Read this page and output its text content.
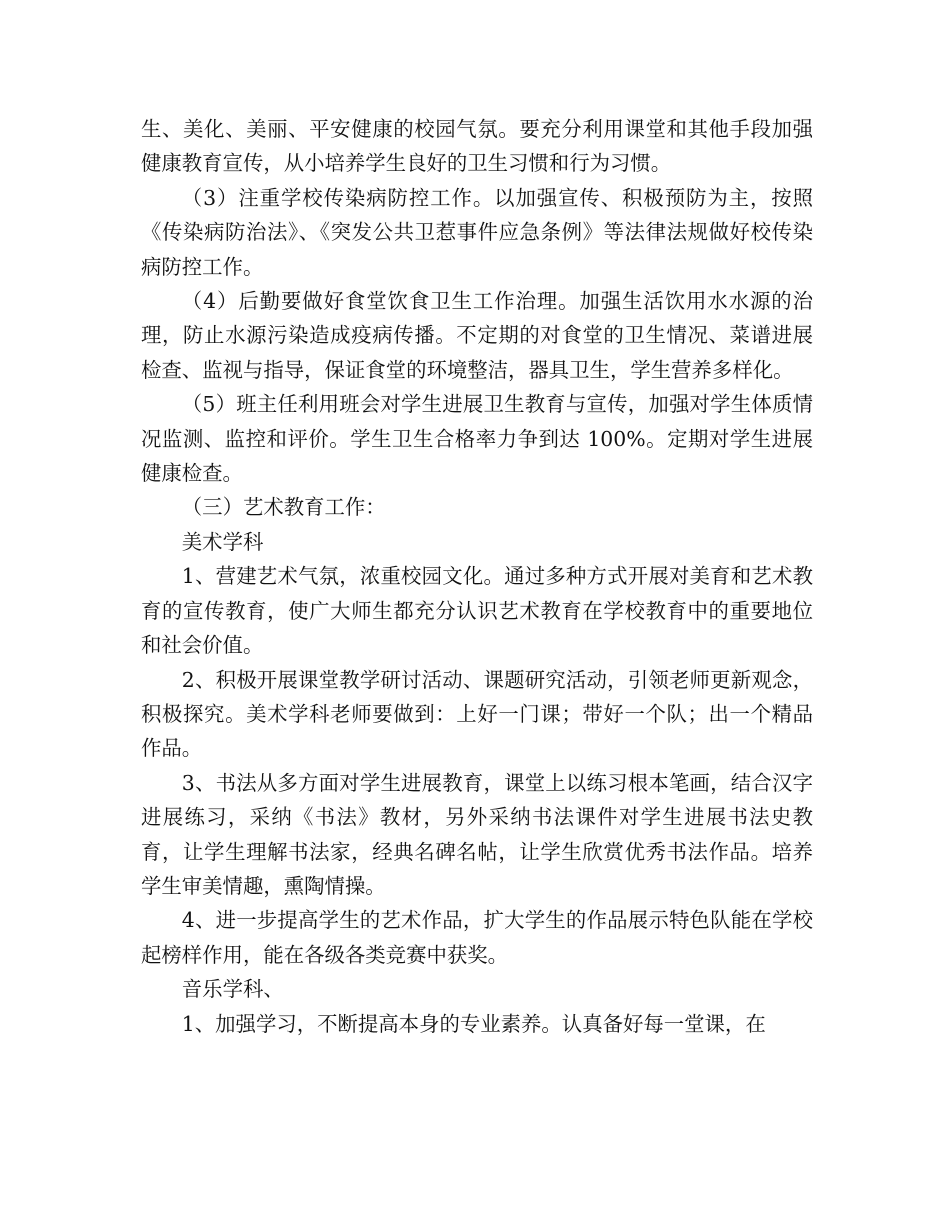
生、美化、美丽、平安健康的校园气氛。要充分利用课堂和其他手段加强健康教育宣传，从小培养学生良好的卫生习惯和行为习惯。

（3）注重学校传染病防控工作。以加强宣传、积极预防为主，按照《传染病防治法》、《突发公共卫惹事件应急条例》等法律法规做好校传染病防控工作。

（4）后勤要做好食堂饮食卫生工作治理。加强生活饮用水水源的治理，防止水源污染造成疫病传播。不定期的对食堂的卫生情况、菜谱进展检查、监视与指导，保证食堂的环境整洁，器具卫生，学生营养多样化。

（5）班主任利用班会对学生进展卫生教育与宣传，加强对学生体质情况监测、监控和评价。学生卫生合格率力争到达 100%。定期对学生进展健康检查。

（三）艺术教育工作：

美术学科

1、营建艺术气氛，浓重校园文化。通过多种方式开展对美育和艺术教育的宣传教育，使广大师生都充分认识艺术教育在学校教育中的重要地位和社会价值。

2、积极开展课堂教学研讨活动、课题研究活动，引领老师更新观念，积极探究。美术学科老师要做到：上好一门课；带好一个队；出一个精品作品。

3、书法从多方面对学生进展教育，课堂上以练习根本笔画，结合汉字进展练习，采纳《书法》教材，另外采纳书法课件对学生进展书法史教育，让学生理解书法家，经典名碑名帖，让学生欣赏优秀书法作品。培养学生审美情趣，熏陶情操。

4、进一步提高学生的艺术作品，扩大学生的作品展示特色队能在学校起榜样作用，能在各级各类竞赛中获奖。

音乐学科、

1、加强学习，不断提高本身的专业素养。认真备好每一堂课，在
